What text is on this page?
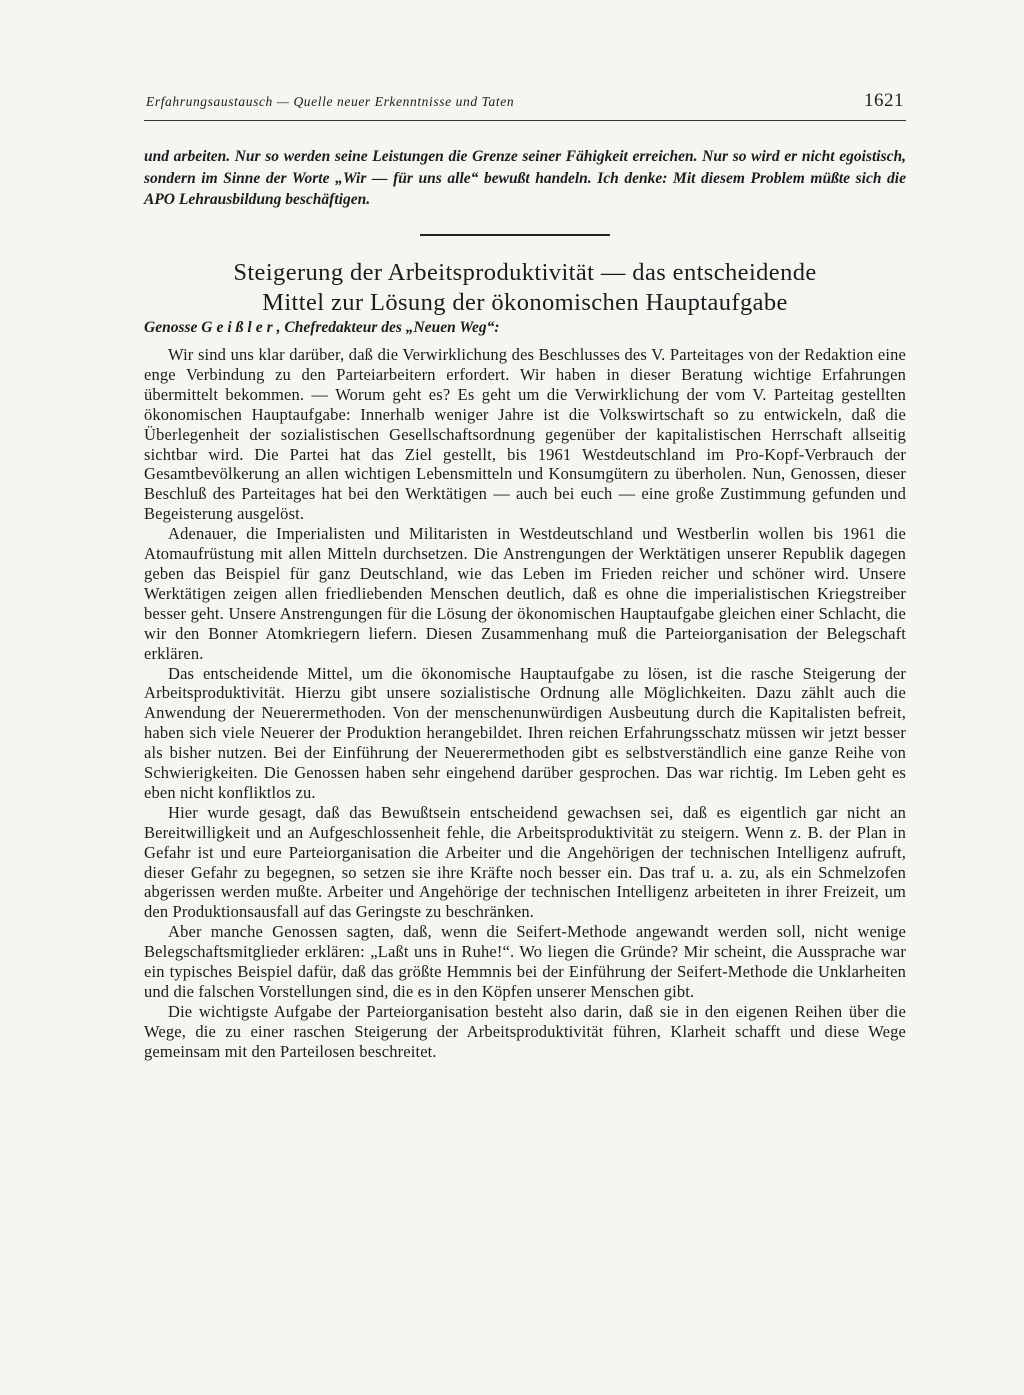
Erfahrungsaustausch — Quelle neuer Erkenntnisse und Taten	1621

und arbeiten. Nur so werden seine Leistungen die Grenze seiner Fähigkeit erreichen. Nur so wird er nicht egoistisch, sondern im Sinne der Worte „Wir — für uns alle“ bewußt handeln. Ich denke: Mit diesem Problem müßte sich die APO Lehrausbildung beschäftigen.

Steigerung der Arbeitsproduktivität — das entscheidende
Mittel zur Lösung der ökonomischen Hauptaufgabe

Genosse Geißler, Chefredakteur des „Neuen Weg“:

Wir sind uns klar darüber, daß die Verwirklichung des Beschlusses des V. Parteitages von der Redaktion eine enge Verbindung zu den Parteiarbeitern erfordert. Wir haben in dieser Beratung wichtige Erfahrungen übermittelt bekommen. — Worum geht es? Es geht um die Verwirklichung der vom V. Parteitag gestellten ökonomischen Hauptaufgabe: Innerhalb weniger Jahre ist die Volkswirtschaft so zu entwickeln, daß die Überlegenheit der sozialistischen Gesellschaftsordnung gegenüber der kapitalistischen Herrschaft allseitig sichtbar wird. Die Partei hat das Ziel gestellt, bis 1961 Westdeutschland im Pro-Kopf-Verbrauch der Gesamtbevölkerung an allen wichtigen Lebensmitteln und Konsumgütern zu überholen. Nun, Genossen, dieser Beschluß des Parteitages hat bei den Werktätigen — auch bei euch — eine große Zustimmung gefunden und Begeisterung ausgelöst.

Adenauer, die Imperialisten und Militaristen in Westdeutschland und Westberlin wollen bis 1961 die Atomaufrüstung mit allen Mitteln durchsetzen. Die Anstrengungen der Werktätigen unserer Republik dagegen geben das Beispiel für ganz Deutschland, wie das Leben im Frieden reicher und schöner wird. Unsere Werktätigen zeigen allen friedliebenden Menschen deutlich, daß es ohne die imperialistischen Kriegstreiber besser geht. Unsere Anstrengungen für die Lösung der ökonomischen Hauptaufgabe gleichen einer Schlacht, die wir den Bonner Atomkriegern liefern. Diesen Zusammenhang muß die Parteiorganisation der Belegschaft erklären.

Das entscheidende Mittel, um die ökonomische Hauptaufgabe zu lösen, ist die rasche Steigerung der Arbeitsproduktivität. Hierzu gibt unsere sozialistische Ordnung alle Möglichkeiten. Dazu zählt auch die Anwendung der Neuerermethoden. Von der menschenunwürdigen Ausbeutung durch die Kapitalisten befreit, haben sich viele Neuerer der Produktion herangebildet. Ihren reichen Erfahrungsschatz müssen wir jetzt besser als bisher nutzen. Bei der Einführung der Neuerermethoden gibt es selbstverständlich eine ganze Reihe von Schwierigkeiten. Die Genossen haben sehr eingehend darüber gesprochen. Das war richtig. Im Leben geht es eben nicht konfliktlos zu.

Hier wurde gesagt, daß das Bewußtsein entscheidend gewachsen sei, daß es eigentlich gar nicht an Bereitwilligkeit und an Aufgeschlossenheit fehle, die Arbeitsproduktivität zu steigern. Wenn z. B. der Plan in Gefahr ist und eure Parteiorganisation die Arbeiter und die Angehörigen der technischen Intelligenz aufruft, dieser Gefahr zu begegnen, so setzen sie ihre Kräfte noch besser ein. Das traf u. a. zu, als ein Schmelzofen abgerissen werden mußte. Arbeiter und Angehörige der technischen Intelligenz arbeiteten in ihrer Freizeit, um den Produktionsausfall auf das Geringste zu beschränken.

Aber manche Genossen sagten, daß, wenn die Seifert-Methode angewandt werden soll, nicht wenige Belegschaftsmitglieder erklären: „Laßt uns in Ruhe!“. Wo liegen die Gründe? Mir scheint, die Aussprache war ein typisches Beispiel dafür, daß das größte Hemmnis bei der Einführung der Seifert-Methode die Unklarheiten und die falschen Vorstellungen sind, die es in den Köpfen unserer Menschen gibt.

Die wichtigste Aufgabe der Parteiorganisation besteht also darin, daß sie in den eigenen Reihen über die Wege, die zu einer raschen Steigerung der Arbeitsproduktivität führen, Klarheit schafft und diese Wege gemeinsam mit den Parteilosen beschreitet.
